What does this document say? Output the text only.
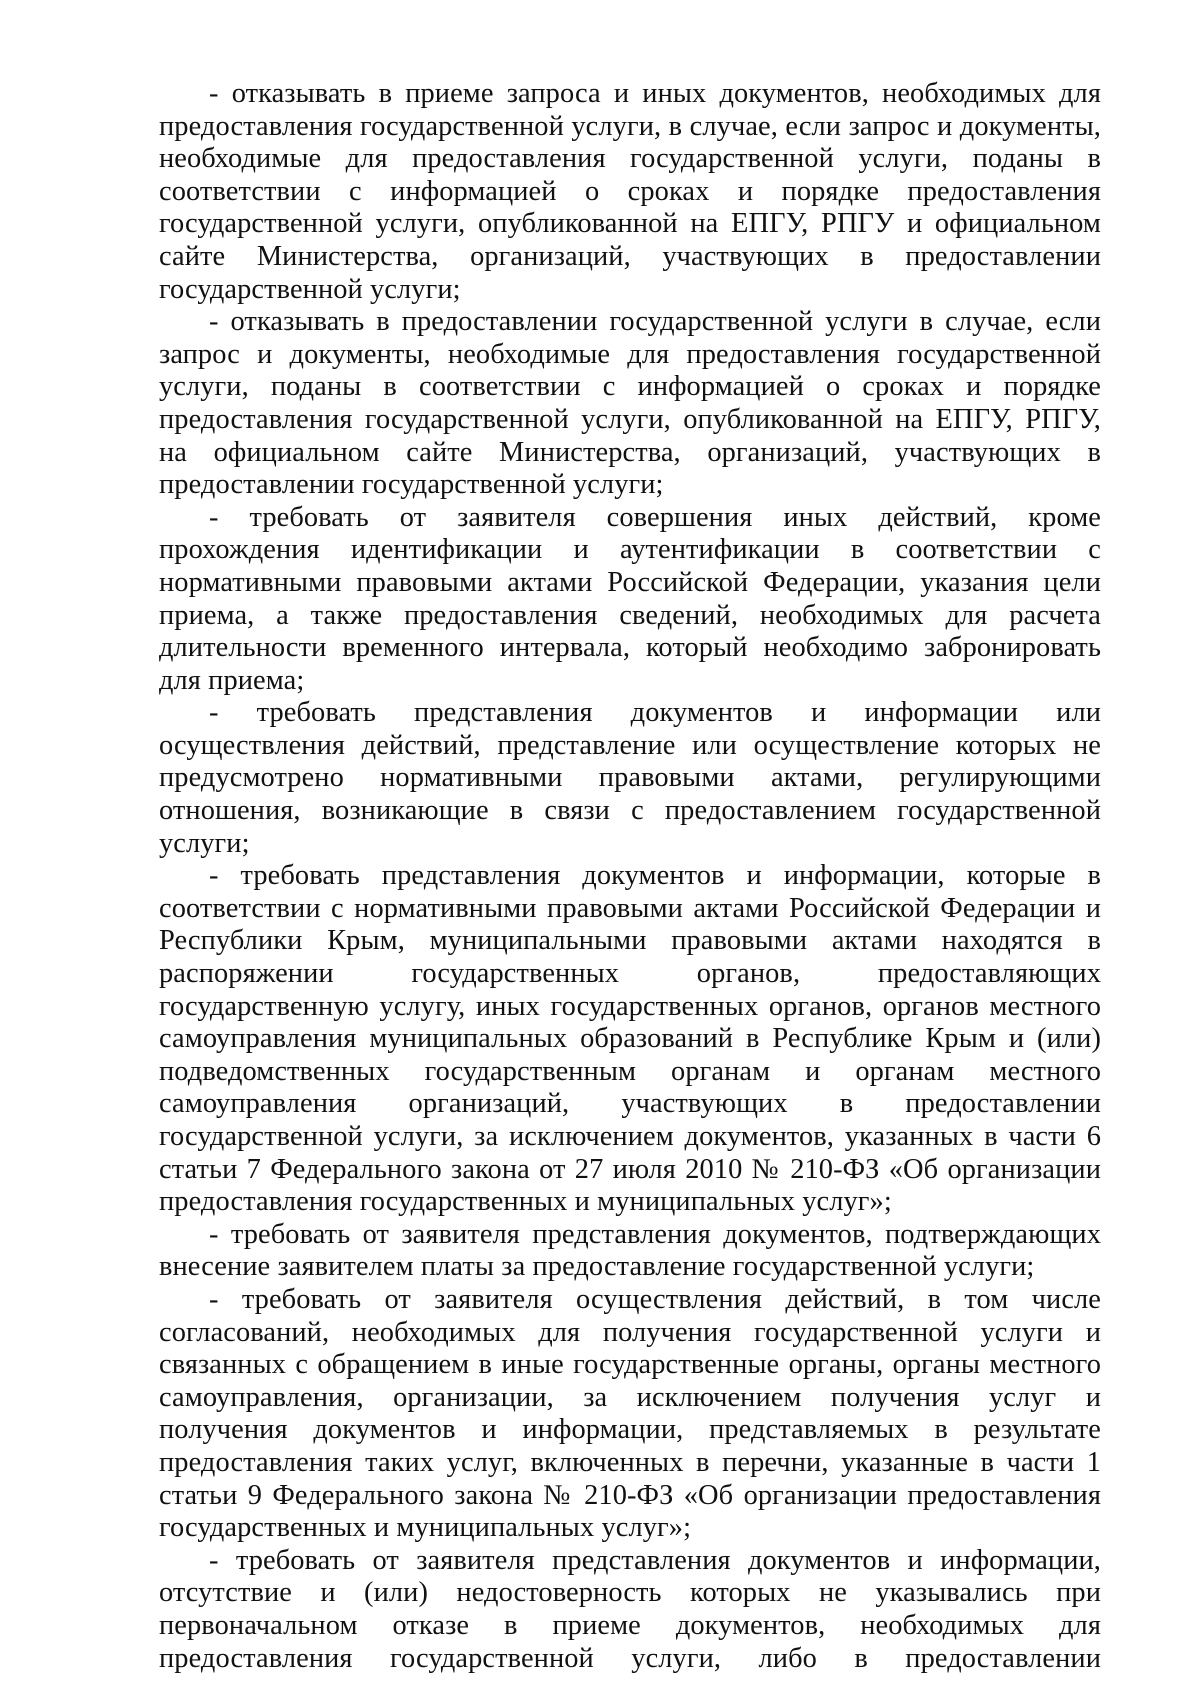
- отказывать в приеме запроса и иных документов, необходимых для предоставления государственной услуги, в случае, если запрос и документы, необходимые для предоставления государственной услуги, поданы в соответствии с информацией о сроках и порядке предоставления государственной услуги, опубликованной на ЕПГУ, РПГУ и официальном сайте Министерства, организаций, участвующих в предоставлении государственной услуги;

- отказывать в предоставлении государственной услуги в случае, если запрос и документы, необходимые для предоставления государственной услуги, поданы в соответствии с информацией о сроках и порядке предоставления государственной услуги, опубликованной на ЕПГУ, РПГУ, на официальном сайте Министерства, организаций, участвующих в предоставлении государственной услуги;

- требовать от заявителя совершения иных действий, кроме прохождения идентификации и аутентификации в соответствии с нормативными правовыми актами Российской Федерации, указания цели приема, а также предоставления сведений, необходимых для расчета длительности временного интервала, который необходимо забронировать для приема;

- требовать представления документов и информации или осуществления действий, представление или осуществление которых не предусмотрено нормативными правовыми актами, регулирующими отношения, возникающие в связи с предоставлением государственной услуги;

- требовать представления документов и информации, которые в соответствии с нормативными правовыми актами Российской Федерации и Республики Крым, муниципальными правовыми актами находятся в распоряжении государственных органов, предоставляющих государственную услугу, иных государственных органов, органов местного самоуправления муниципальных образований в Республике Крым и (или) подведомственных государственным органам и органам местного самоуправления организаций, участвующих в предоставлении государственной услуги, за исключением документов, указанных в части 6 статьи 7 Федерального закона от 27 июля 2010 № 210-ФЗ «Об организации предоставления государственных и муниципальных услуг»;

- требовать от заявителя представления документов, подтверждающих внесение заявителем платы за предоставление государственной услуги;

- требовать от заявителя осуществления действий, в том числе согласований, необходимых для получения государственной услуги и связанных с обращением в иные государственные органы, органы местного самоуправления, организации, за исключением получения услуг и получения документов и информации, представляемых в результате предоставления таких услуг, включенных в перечни, указанные в части 1 статьи 9 Федерального закона № 210-ФЗ «Об организации предоставления государственных и муниципальных услуг»;

- требовать от заявителя представления документов и информации, отсутствие и (или) недостоверность которых не указывались при первоначальном отказе в приеме документов, необходимых для предоставления государственной услуги, либо в предоставлении
